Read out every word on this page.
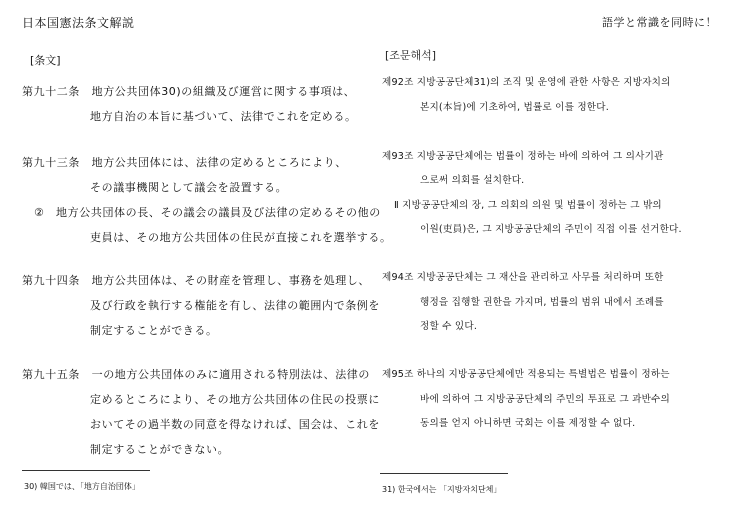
日本国憲法条文解説	語学と常識を同時に！
[条文]
第九十二条　地方公共団体30)の組織及び運営に関する事項は、
地方自治の本旨に基づいて、法律でこれを定める。
第九十三条　地方公共団体には、法律の定めるところにより、
その議事機関として議会を設置する。
②　地方公共団体の長、その議会の議員及び法律の定めるその他の
吏員は、その地方公共団体の住民が直接これを選挙する。
第九十四条　地方公共団体は、その財産を管理し、事務を処理し、
及び行政を執行する権能を有し、法律の範囲内で条例を
制定することができる。
第九十五条　一の地方公共団体のみに適用される特別法は、法律の
定めるところにより、その地方公共団体の住民の投票に
おいてその過半数の同意を得なければ、国会は、これを
制定することができない。
30) 韓国では、「地方自治団体」
[조문해석]
제92조 지방공공단체31)의 조직 및 운영에 관한 사항은 지방자치의
본지(本旨)에 기초하여, 법률로 이를 정한다.
제93조 지방공공단체에는 법률이 정하는 바에 의하여 그 의사기관
으로써 의회를 설치한다.
Ⅱ 지방공공단체의 장, 그 의회의 의원 및 법률이 정하는 그 밖의
이원(吏員)은, 그 지방공공단체의 주민이 직접 이를 선거한다.
제94조 지방공공단체는 그 재산을 관리하고 사무를 처리하며 또한
행정을 집행할 권한을 가지며, 법률의 범위 내에서 조례를
정할 수 있다.
제95조 하나의 지방공공단체에만 적용되는 특별법은 법률이 정하는
바에 의하여 그 지방공공단체의 주민의 투표로 그 과반수의
동의를 얻지 아니하면 국회는 이를 제정할 수 없다.
31) 한국에서는 「지방자치단체」
